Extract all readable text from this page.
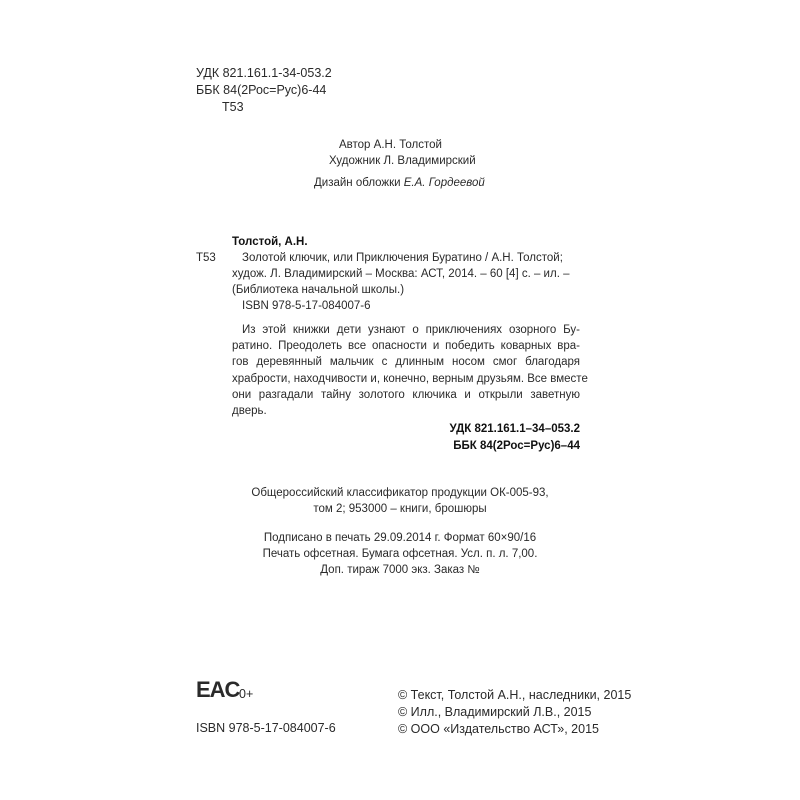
УДК 821.161.1-34-053.2
ББК 84(2Рос=Рус)6-44
Т53
Автор А.Н. Толстой
Художник Л. Владимирский
Дизайн обложки Е.А. Гордеевой
Толстой, А.Н.
Т53 Золотой ключик, или Приключения Буратино / А.Н. Толстой;
худож. Л. Владимирский – Москва: АСТ, 2014. – 60 [4] с. – ил. –
(Библиотека начальной школы.)
ISBN 978-5-17-084007-6
Из этой книжки дети узнают о приключениях озорного Бу-
ратино. Преодолеть все опасности и победить коварных вра-
гов деревянный мальчик с длинным носом смог благодаря
храбрости, находчивости и, конечно, верным друзьям. Все вместе
они разгадали тайну золотого ключика и открыли заветную
дверь.
УДК 821.161.1–34–053.2
ББК 84(2Рос=Рус)6–44
Общероссийский классификатор продукции ОК-005-93,
том 2; 953000 – книги, брошюры
Подписано в печать 29.09.2014 г. Формат 60×90/16
Печать офсетная. Бумага офсетная. Усл. п. л. 7,00.
Доп. тираж 7000 экз. Заказ №
EAC 0+
ISBN 978-5-17-084007-6
© Текст, Толстой А.Н., наследники, 2015
© Илл., Владимирский Л.В., 2015
© ООО «Издательство АСТ», 2015
